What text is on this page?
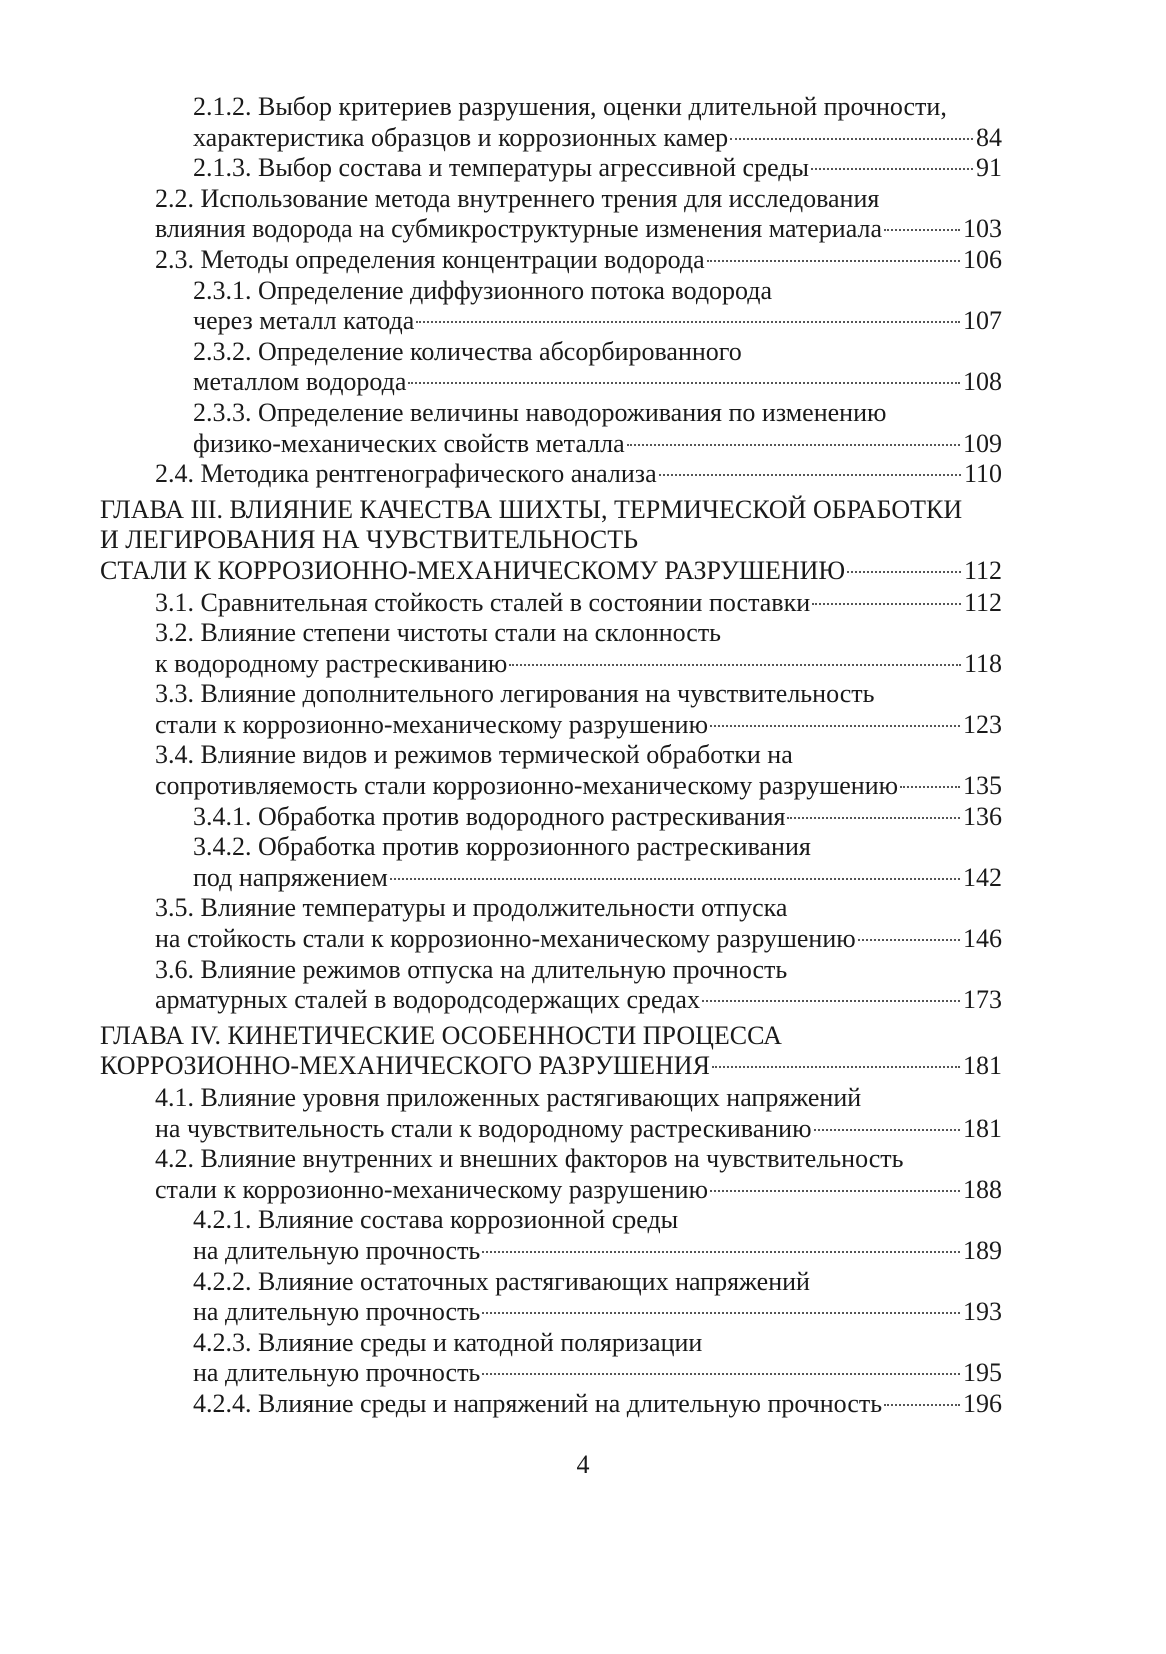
2.1.2. Выбор критериев разрушения, оценки длительной прочности,
характеристика образцов и коррозионных камер	84
2.1.3. Выбор состава и температуры агрессивной среды	91
2.2. Использование метода внутреннего трения для исследования
влияния водорода на субмикроструктурные изменения материала	103
2.3. Методы определения концентрации водорода	106
2.3.1. Определение диффузионного потока водорода
через металл катода	107
2.3.2. Определение количества абсорбированного
металлом водорода	108
2.3.3. Определение величины наводороживания по изменению
физико-механических свойств металла	109
2.4. Методика рентгенографического анализа	110
ГЛАВА III. ВЛИЯНИЕ КАЧЕСТВА ШИХТЫ, ТЕРМИЧЕСКОЙ ОБРАБОТКИ
И ЛЕГИРОВАНИЯ НА ЧУВСТВИТЕЛЬНОСТЬ
СТАЛИ К КОРРОЗИОННО-МЕХАНИЧЕСКОМУ РАЗРУШЕНИЮ	112
3.1. Сравнительная стойкость сталей в состоянии поставки	112
3.2. Влияние степени чистоты стали на склонность
к водородному растрескиванию	118
3.3. Влияние дополнительного легирования на чувствительность
стали к коррозионно-механическому разрушению	123
3.4. Влияние видов и режимов термической обработки на
сопротивляемость стали коррозионно-механическому разрушению 135
3.4.1. Обработка против водородного растрескивания	136
3.4.2. Обработка против коррозионного растрескивания
под напряжением	142
3.5. Влияние температуры и продолжительности отпуска
на стойкость стали к коррозионно-механическому разрушению	146
3.6. Влияние режимов отпуска на длительную прочность
арматурных сталей в водородсодержащих средах	173
ГЛАВА IV. КИНЕТИЧЕСКИЕ ОСОБЕННОСТИ ПРОЦЕССА
КОРРОЗИОННО-МЕХАНИЧЕСКОГО РАЗРУШЕНИЯ	181
4.1. Влияние уровня приложенных растягивающих напряжений
на чувствительность стали к водородному растрескиванию	181
4.2. Влияние внутренних и внешних факторов на чувствительность
стали к коррозионно-механическому разрушению	188
4.2.1. Влияние состава коррозионной среды
на длительную прочность	189
4.2.2. Влияние остаточных растягивающих напряжений
на длительную прочность	193
4.2.3. Влияние среды и катодной поляризации
на длительную прочность	195
4.2.4. Влияние среды и напряжений на длительную прочность	196
4
